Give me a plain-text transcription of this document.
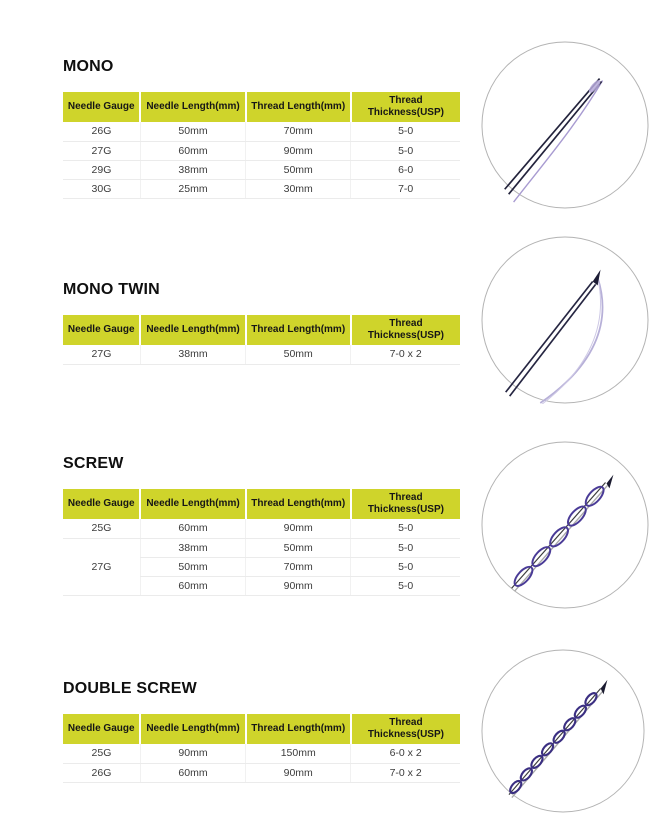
MONO
Needle Gauge	Needle Length(mm)	Thread Length(mm)	Thread Thickness(USP)
26G	50mm	70mm	5-0
27G	60mm	90mm	5-0
29G	38mm	50mm	6-0
30G	25mm	30mm	7-0
MONO TWIN
Needle Gauge	Needle Length(mm)	Thread Length(mm)	Thread Thickness(USP)
27G	38mm	50mm	7-0 x 2
SCREW
Needle Gauge	Needle Length(mm)	Thread Length(mm)	Thread Thickness(USP)
25G	60mm	90mm	5-0
27G	38mm	50mm	5-0
	50mm	70mm	5-0
	60mm	90mm	5-0
DOUBLE SCREW
Needle Gauge	Needle Length(mm)	Thread Length(mm)	Thread Thickness(USP)
25G	90mm	150mm	6-0 x 2
26G	60mm	90mm	7-0 x 2
